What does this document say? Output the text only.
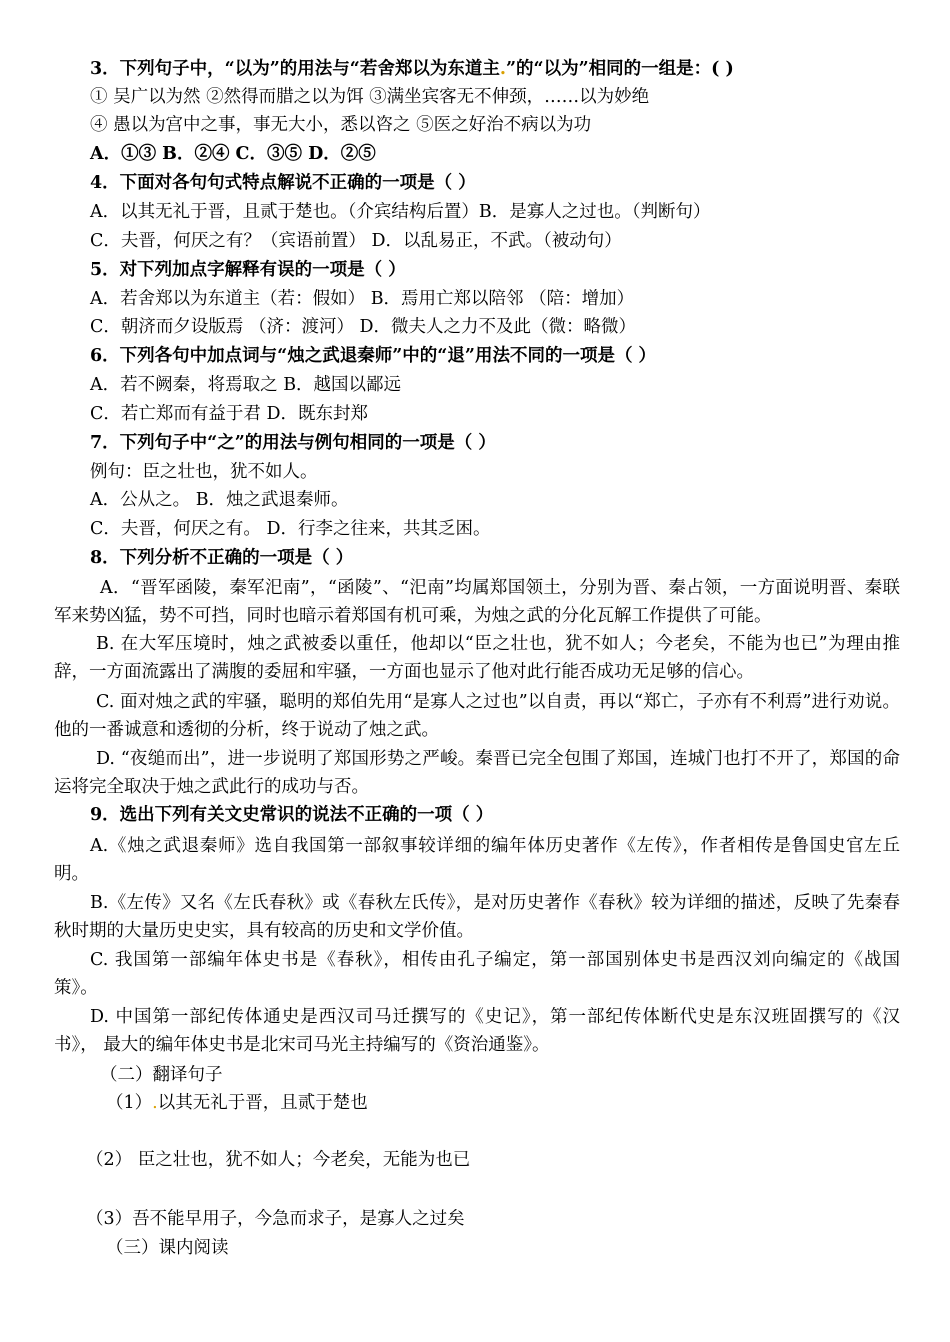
3．下列句子中，“以为”的用法与“若舍郑以为东道主.”的“以为”相同的一组是：( )
① 吴广以为然 ②然得而腊之以为饵 ③满坐宾客无不伸颈，……以为妙绝
④ 愚以为宫中之事，事无大小，悉以咨之 ⑤医之好治不病以为功
A．①③ B．②④ C．③⑤ D．②⑤
4．下面对各句句式特点解说不正确的一项是（ ）
A．以其无礼于晋，且贰于楚也。（介宾结构后置）B．是寡人之过也。（判断句）
C．夫晋，何厌之有？（宾语前置） D．以乱易正，不武。（被动句）
5．对下列加点字解释有误的一项是（ ）
A．若舍郑以为东道主（若：假如） B．焉用亡郑以陪邻 （陪：增加）
C．朝济而夕设版焉 （济：渡河） D．微夫人之力不及此（微：略微）
6．下列各句中加点词与“烛之武退秦师”中的“退”用法不同的一项是（ ）
A．若不阙秦，将焉取之 B．越国以鄙远
C．若亡郑而有益于君 D．既东封郑
7．下列句子中“之”的用法与例句相同的一项是（ ）
例句：臣之壮也，犹不如人。
A．公从之。 B．烛之武退秦师。
C．夫晋，何厌之有。 D．行李之往来，共其乏困。
8．下列分析不正确的一项是（ ）
A．“晋军函陵，秦军汜南”，“函陵”、“汜南”均属郑国领土，分别为晋、秦占领，一方面说明晋、秦联军来势凶猛，势不可挡，同时也暗示着郑国有机可乘，为烛之武的分化瓦解工作提供了可能。
B. 在大军压境时，烛之武被委以重任，他却以“臣之壮也，犹不如人；今老矣，不能为也已”为理由推辞，一方面流露出了满腹的委屈和牢骚，一方面也显示了他对此行能否成功无足够的信心。
C. 面对烛之武的牢骚，聪明的郑伯先用“是寡人之过也”以自责，再以“郑亡，子亦有不利焉”进行劝说。他的一番诚意和透彻的分析，终于说动了烛之武。
D. “夜缒而出”，进一步说明了郑国形势之严峻。秦晋已完全包围了郑国，连城门也打不开了，郑国的命运将完全取决于烛之武此行的成功与否。
9．选出下列有关文史常识的说法不正确的一项（ ）
A.《烛之武退秦师》选自我国第一部叙事较详细的编年体历史著作《左传》，作者相传是鲁国史官左丘明。
B.《左传》又名《左氏春秋》或《春秋左氏传》，是对历史著作《春秋》较为详细的描述，反映了先秦春秋时期的大量历史史实，具有较高的历史和文学价值。
C. 我国第一部编年体史书是《春秋》，相传由孔子编定，第一部国别体史书是西汉刘向编定的《战国策》。
D. 中国第一部纪传体通史是西汉司马迁撰写的《史记》，第一部纪传体断代史是东汉班固撰写的《汉书》， 最大的编年体史书是北宋司马光主持编写的《资治通鉴》。
（二）翻译句子
（1）.以其无礼于晋，且贰于楚也
（2） 臣之壮也，犹不如人；今老矣，无能为也已
（3）吾不能早用子，今急而求子，是寡人之过矣
（三）课内阅读
